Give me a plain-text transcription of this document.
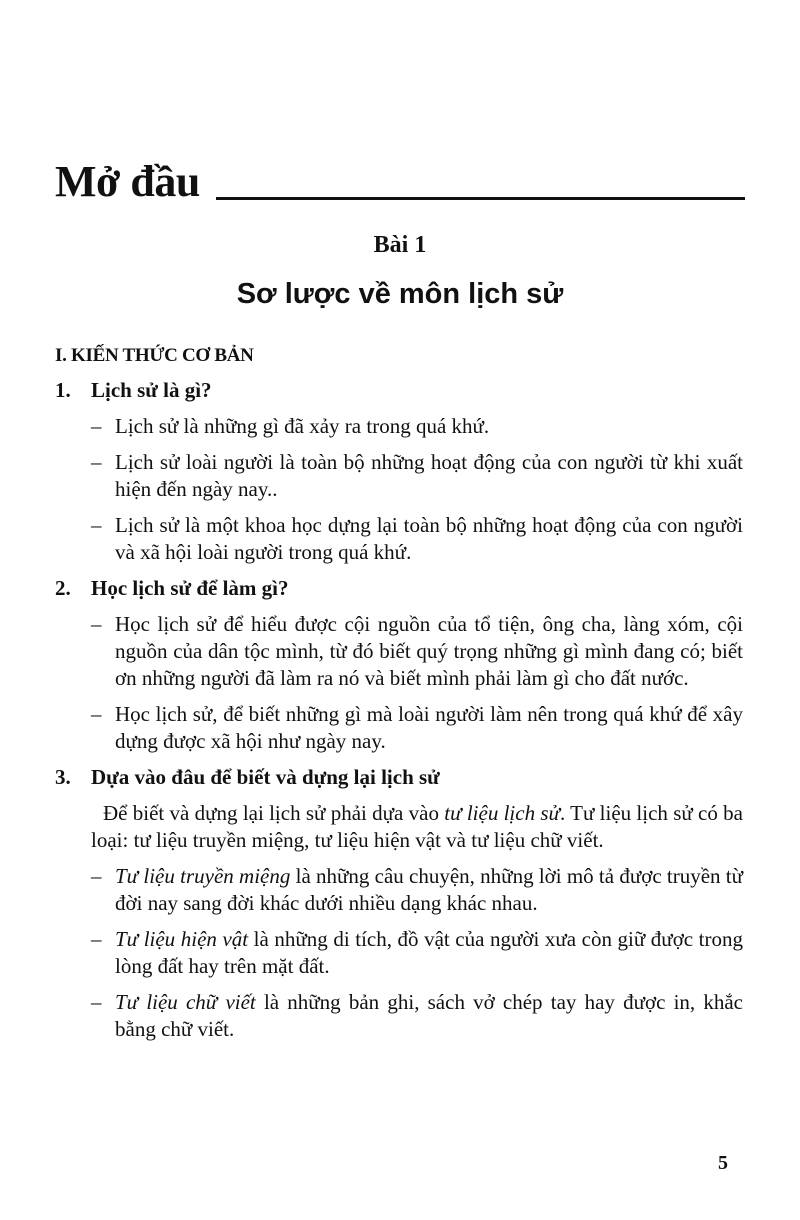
Mở đầu
Bài 1
Sơ lược về môn lịch sử
I. KIẾN THỨC CƠ BẢN
1. Lịch sử là gì?
– Lịch sử là những gì đã xảy ra trong quá khứ.
– Lịch sử loài người là toàn bộ những hoạt động của con người từ khi xuất hiện đến ngày nay..
– Lịch sử là một khoa học dựng lại toàn bộ những hoạt động của con người và xã hội loài người trong quá khứ.
2. Học lịch sử để làm gì?
– Học lịch sử để hiểu được cội nguồn của tổ tiện, ông cha, làng xóm, cội nguồn của dân tộc mình, từ đó biết quý trọng những gì mình đang có; biết ơn những người đã làm ra nó và biết mình phải làm gì cho đất nước.
– Học lịch sử, để biết những gì mà loài người làm nên trong quá khứ để xây dựng được xã hội như ngày nay.
3. Dựa vào đâu để biết và dựng lại lịch sử
Để biết và dựng lại lịch sử phải dựa vào tư liệu lịch sử. Tư liệu lịch sử có ba loại: tư liệu truyền miệng, tư liệu hiện vật và tư liệu chữ viết.
– Tư liệu truyền miệng là những câu chuyện, những lời mô tả được truyền từ đời nay sang đời khác dưới nhiều dạng khác nhau.
– Tư liệu hiện vật là những di tích, đồ vật của người xưa còn giữ được trong lòng đất hay trên mặt đất.
– Tư liệu chữ viết là những bản ghi, sách vở chép tay hay được in, khắc bằng chữ viết.
5
